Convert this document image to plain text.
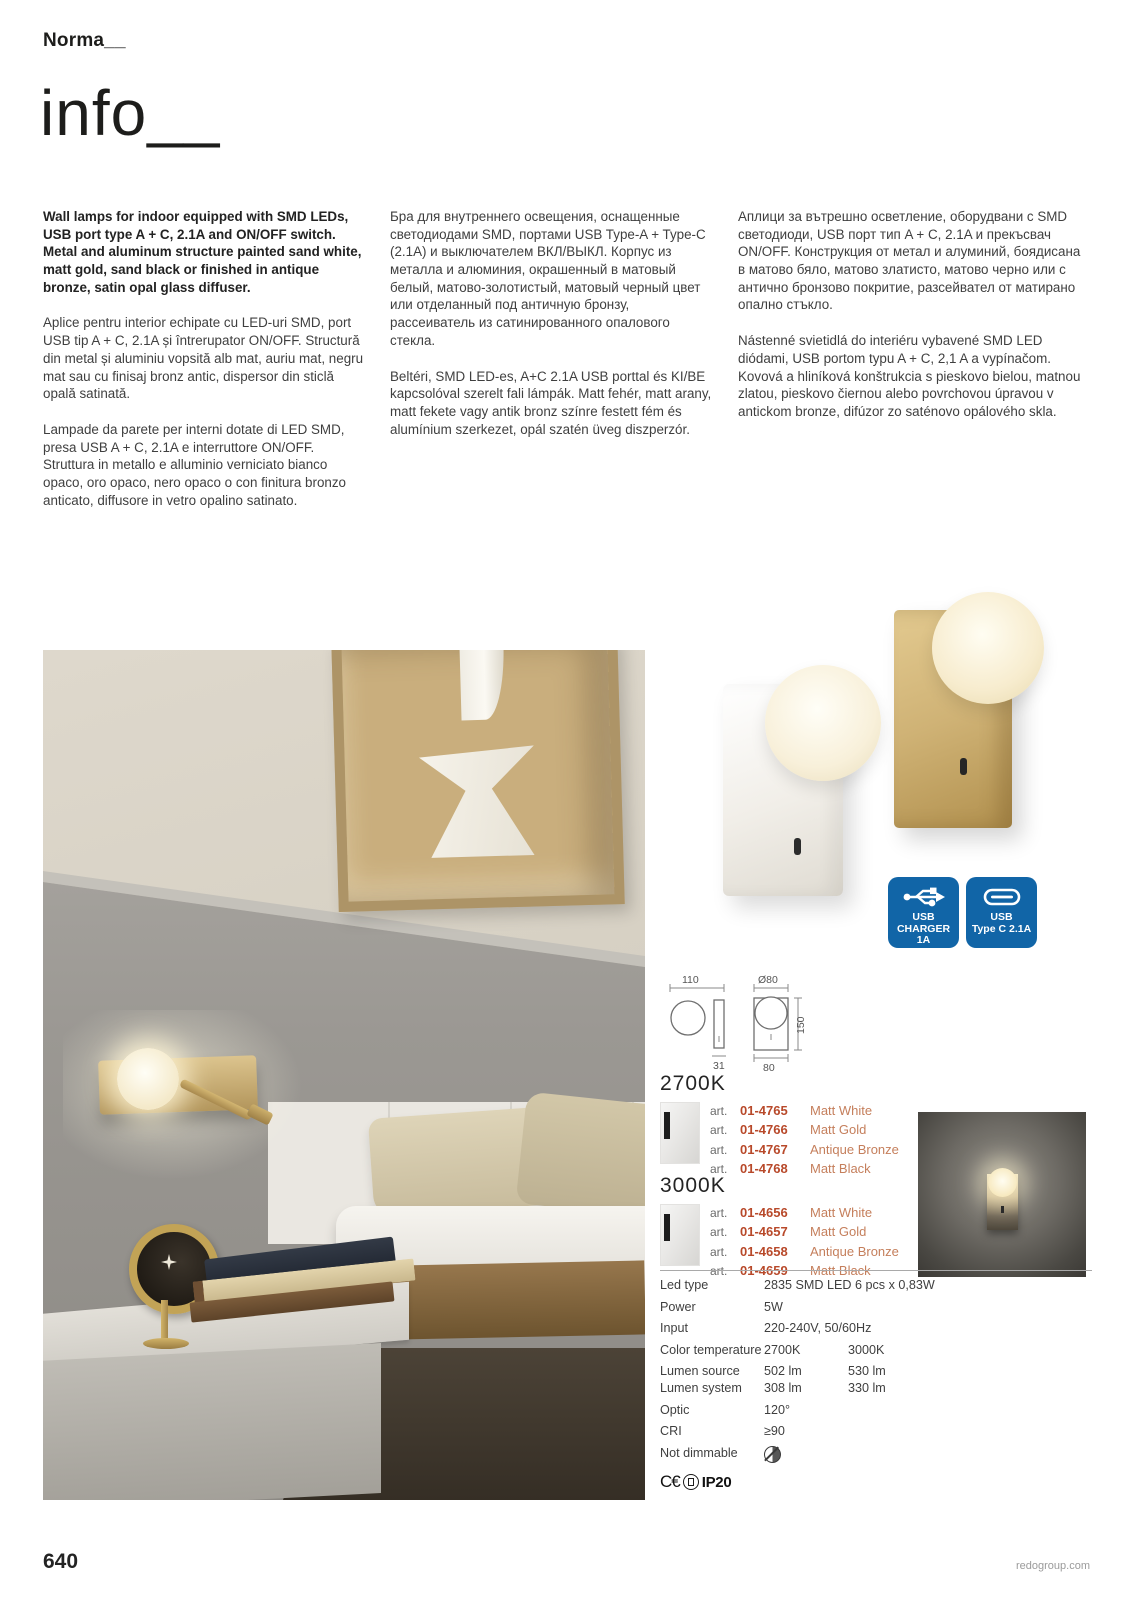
Norma__
info__

Wall lamps for indoor equipped with SMD LEDs, USB port type A + C, 2.1A and ON/OFF switch. Metal and aluminum structure painted sand white, matt gold, sand black or finished in antique bronze, satin opal glass diffuser.

Aplice pentru interior echipate cu LED-uri SMD, port USB tip A + C, 2.1A și întrerupator ON/OFF. Structură din metal și aluminiu vopsită alb mat, auriu mat, negru mat sau cu finisaj bronz antic, dispersor din sticlă opală satinată.

Lampade da parete per interni dotate di LED SMD, presa USB A + C, 2.1A e interruttore ON/OFF. Struttura in metallo e alluminio verniciato bianco opaco, oro opaco, nero opaco o con finitura bronzo anticato, diffusore in vetro opalino satinato.

Бра для внутреннего освещения, оснащенные светодиодами SMD, портами USB Type-A + Type-C (2.1A) и выключателем ВКЛ/ВЫКЛ. Корпус из металла и алюминия, окрашенный в матовый белый, матово-золотистый, матовый черный цвет или отделанный под античную бронзу, рассеиватель из сатинированного опалового стекла.

Beltéri, SMD LED-es, A+C 2.1A USB porttal és KI/BE kapcsolóval szerelt fali lámpák. Matt fehér, matt arany, matt fekete vagy antik bronz színre festett fém és alumínium szerkezet, opál szatén üveg diszperzór.

Аплици за вътрешно осветление, оборудвани с SMD светодиоди, USB порт тип A + C, 2.1A и прекъсвач ON/OFF. Конструкция от метал и алуминий, боядисана в матово бяло, матово златисто, матово черно или с антично бронзово покритие, разсейвател от матирано опално стъкло.

Nástenné svietidlá do interiéru vybavené SMD LED diódami, USB portom typu A + C, 2,1 A a vypínačom. Kovová a hliníková konštrukcia s pieskovo bielou, matnou zlatou, pieskovo čiernou alebo povrchovou úpravou v antickom bronze, difúzor zo saténovo opálového skla.

USB
CHARGER
1A
USB
Type C 2.1A
110
31
Ø80
150
80
2700K
art. 01-4765	Matt White
art. 01-4766	Matt Gold
art. 01-4767	Antique Bronze
art. 01-4768	Matt Black
3000K
art. 01-4656	Matt White
art. 01-4657	Matt Gold
art. 01-4658	Antique Bronze
art. 01-4659	Matt Black
Led type	2835 SMD LED 6 pcs x 0,83W
Power	5W
Input	220-240V, 50/60Hz
Color temperature 2700K	3000K
Lumen source	502 lm	530 lm
Lumen system	308 lm	330 lm
Optic	120°
CRI	≥90
Not dimmable
C€ IP20
640	redogroup.com
